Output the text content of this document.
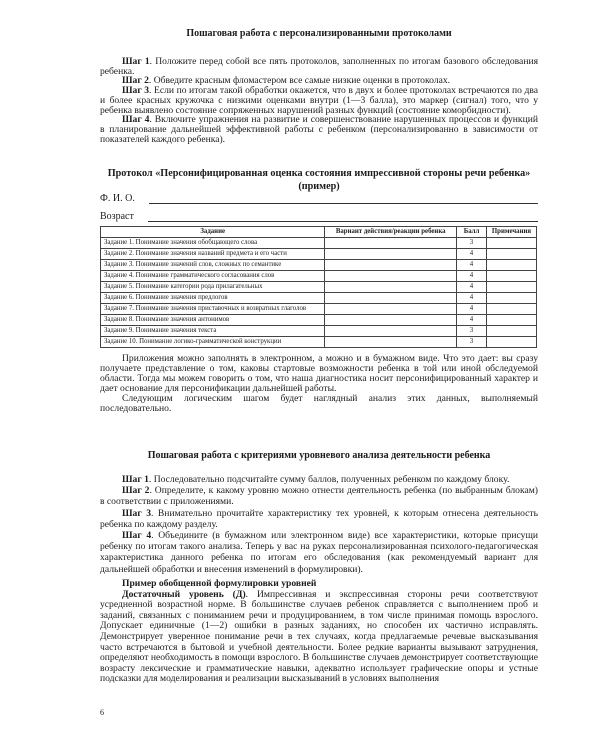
Пошаговая работа с персонализированными протоколами

Шаг 1. Положите перед собой все пять протоколов, заполненных по итогам базового обследования ребенка.

Шаг 2. Обведите красным фломастером все самые низкие оценки в протоколах.

Шаг 3. Если по итогам такой обработки окажется, что в двух и более протоколах встречаются по два и более красных кружочка с низкими оценками внутри (1—3 балла), это маркер (сигнал) того, что у ребенка выявлено состояние сопряженных нарушений разных функций (состояние коморбидности).

Шаг 4. Включите упражнения на развитие и совершенствование нарушенных процессов и функций в планирование дальнейшей эффективной работы с ребенком (персонализированно в зависимости от показателей каждого ребенка).

Протокол «Персонифицированная оценка состояния импрессивной стороны речи ребенка»
(пример)
Ф. И. О.
Возраст
Задание	Вариант действия/реакции ребенка	Балл	Примечания
Задание 1. Понимание значения обобщающего слова		3	
Задание 2. Понимание значения названий предмета и его части		4	
Задание 3. Понимание значений слов, сложных по семантике		4	
Задание 4. Понимание грамматического согласования слов		4	
Задание 5. Понимание категории рода прилагательных		4	
Задание 6. Понимание значения предлогов		4	
Задание 7. Понимание значения приставочных и возвратных глаголов		4	
Задание 8. Понимание значения антонимов		4	
Задание 9. Понимание значения текста		3	
Задание 10. Понимание логико-грамматической конструкции		3	

Приложения можно заполнять в электронном, а можно и в бумажном виде. Что это дает: вы сразу получаете представление о том, каковы стартовые возможности ребенка в той или иной обследуемой области. Тогда мы можем говорить о том, что наша диагностика носит персонифицированный характер и дает основание для персонификации дальнейшей работы.

Следующим логическим шагом будет наглядный анализ этих данных, выполняемый последовательно.

Пошаговая работа с критериями уровневого анализа деятельности ребенка

Шаг 1. Последовательно подсчитайте сумму баллов, полученных ребенком по каждому блоку.

Шаг 2. Определите, к какому уровню можно отнести деятельность ребенка (по выбранным блокам) в соответствии с приложениями.

Шаг 3. Внимательно прочитайте характеристику тех уровней, к которым отнесена деятельность ребенка по каждому разделу.

Шаг 4. Объедините (в бумажном или электронном виде) все характеристики, которые присущи ребенку по итогам такого анализа. Теперь у вас на руках персонализированная психолого-педагогическая характеристика данного ребенка по итогам его обследования (как рекомендуемый вариант для дальнейшей обработки и внесения изменений в формулировки).

Пример обобщенной формулировки уровней

Достаточный уровень (Д). Импрессивная и экспрессивная стороны речи соответствуют усредненной возрастной норме. В большинстве случаев ребенок справляется с выполнением проб и заданий, связанных с пониманием речи и продуцированием, в том числе принимая помощь взрослого. Допускает единичные (1—2) ошибки в разных заданиях, но способен их частично исправлять. Демонстрирует уверенное понимание речи в тех случаях, когда предлагаемые речевые высказывания часто встречаются в бытовой и учебной деятельности. Более редкие варианты вызывают затруднения, определяют необходимость в помощи взрослого. В большинстве случаев демонстрирует соответствующие возрасту лексические и грамматические навыки, адекватно использует графические опоры и устные подсказки для моделирования и реализации высказываний в условиях выполнения

6
